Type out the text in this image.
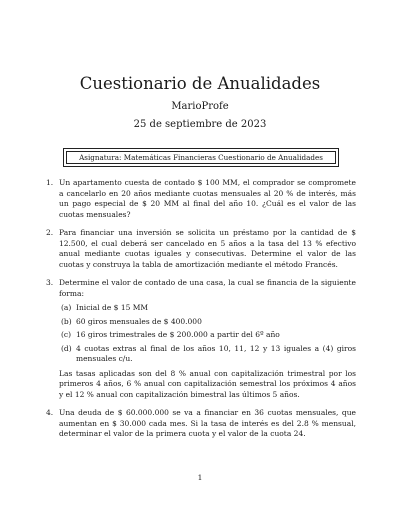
Cuestionario de Anualidades
MarioProfe
25 de septiembre de 2023
Asignatura: Matemáticas Financieras Cuestionario de Anualidades
1. Un apartamento cuesta de contado $ 100 MM, el comprador se compromete a cancelarlo en 20 años mediante cuotas mensuales al 20 % de interés, más un pago especial de $ 20 MM al final del año 10. ¿Cuál es el valor de las cuotas mensuales?
2. Para financiar una inversión se solicita un préstamo por la cantidad de $ 12.500, el cual deberá ser cancelado en 5 años a la tasa del 13 % efectivo anual mediante cuotas iguales y consecutivas. Determine el valor de las cuotas y construya la tabla de amortización mediante el método Francés.
3. Determine el valor de contado de una casa, la cual se financia de la siguiente forma:
(a) Inicial de $ 15 MM
(b) 60 giros mensuales de $ 400.000
(c) 16 giros trimestrales de $ 200.000 a partir del 6º año
(d) 4 cuotas extras al final de los años 10, 11, 12 y 13 iguales a (4) giros mensuales c/u.

Las tasas aplicadas son del 8 % anual con capitalización trimestral por los primeros 4 años, 6 % anual con capitalización semestral los próximos 4 años y el 12 % anual con capitalización bimestral las últimos 5 años.

4. Una deuda de $ 60.000.000 se va a financiar en 36 cuotas mensuales, que aumentan en $ 30.000 cada mes. Si la tasa de interés es del 2.8 % mensual, determinar el valor de la primera cuota y el valor de la cuota 24.
1
